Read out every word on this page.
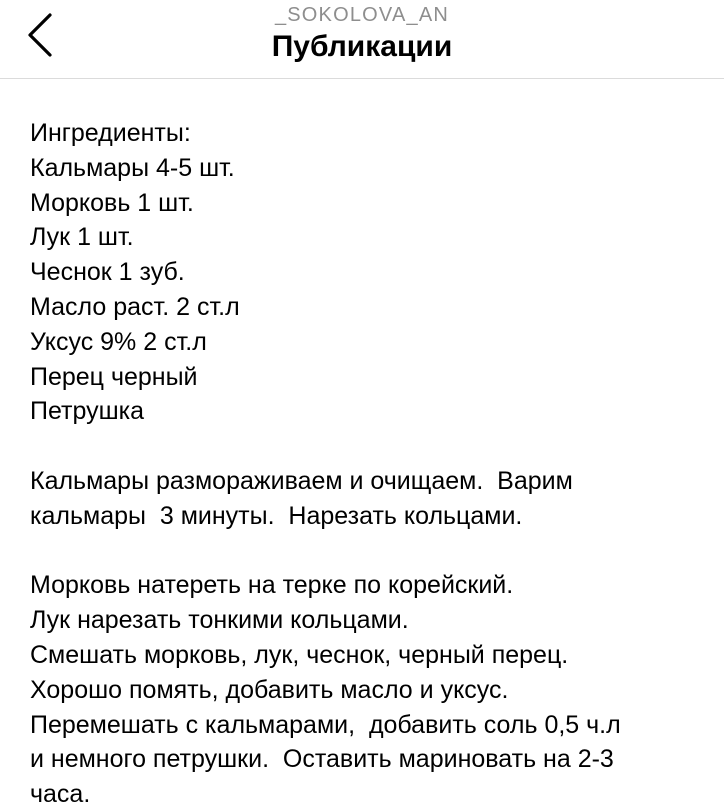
_SOKOLOVA_AN
Публикации
Ингредиенты:
Кальмары 4-5 шт.
Морковь 1 шт.
Лук 1 шт.
Чеснок 1 зуб.
Масло раст. 2 ст.л
Уксус 9% 2 ст.л
Перец черный
Петрушка
Кальмары размораживаем и очищаем.  Варим
кальмары  3 минуты.  Нарезать кольцами.
Морковь натереть на терке по корейский.
Лук нарезать тонкими кольцами.
Смешать морковь, лук, чеснок, черный перец.
Хорошо помять, добавить масло и уксус.
Перемешать с кальмарами,  добавить соль 0,5 ч.л
и немного петрушки.  Оставить мариновать на 2-3
часа.
